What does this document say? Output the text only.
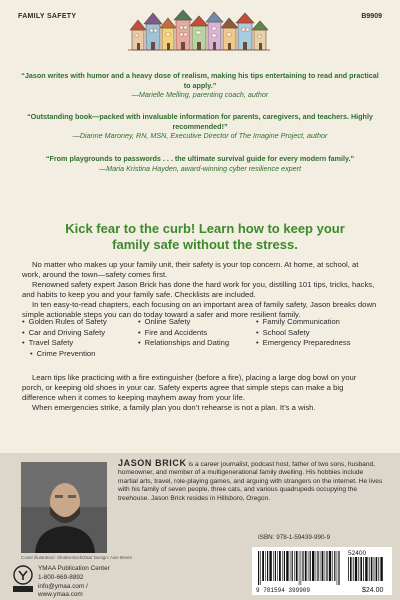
FAMILY SAFETY	B9909
“Jason writes with humor and a heavy dose of realism, making his tips entertaining to read and practical to apply.”
—Marielle Melling, parenting coach, author
“Outstanding book—packed with invaluable information for parents, caregivers, and teachers. Highly recommended!”
—Dianne Maroney, RN, MSN, Executive Director of The Imagine Project, author
“From playgrounds to passwords . . . the ultimate survival guide for every modern family.”
—Maria Kristina Hayden, award-winning cyber resilience expert
Kick fear to the curb! Learn how to keep your family safe without the stress.

No matter who makes up your family unit, their safety is your top concern. At home, at school, at work, around the town—safety comes first.

Renowned safety expert Jason Brick has done the hard work for you, distilling 101 tips, tricks, hacks, and habits to keep you and your family safe. Checklists are included.

In ten easy-to-read chapters, each focusing on an important area of family safety, Jason breaks down simple actionable steps you can do today toward a safer and more resilient family.

• Golden Rules of Safety
• Car and Driving Safety
• Travel Safety
• Crime Prevention
• Online Safety
• Fire and Accidents
• Relationships and Dating
• Family Communication
• School Safety
• Emergency Preparedness

Learn tips like practicing with a fire extinguisher (before a fire), placing a large dog bowl on your porch, or keeping old shoes in your car. Safety experts agree that simple steps can make a big difference when it comes to keeping mayhem away from your life.

When emergencies strike, a family plan you don’t rehearse is not a plan. It’s a wish.

JASON BRICK is a career journalist, podcast host, father of two sons, husband, homeowner, and member of a multigenerational family dwelling. His hobbies include martial arts, travel, role-playing games, and arguing with strangers on the internet. He lives with his family of seven people, three cats, and various quadrupeds occupying the treehouse. Jason Brick resides in Hillsboro, Oregon.
Cover illustration: Shutterstock/Zaar Design: Axie Breen
YMAA Publication Center
1-800-669-8892
info@ymaa.com / www.ymaa.com
ISBN: 978-1-59439-990-9
52400
9 781594 399909	$24.00
